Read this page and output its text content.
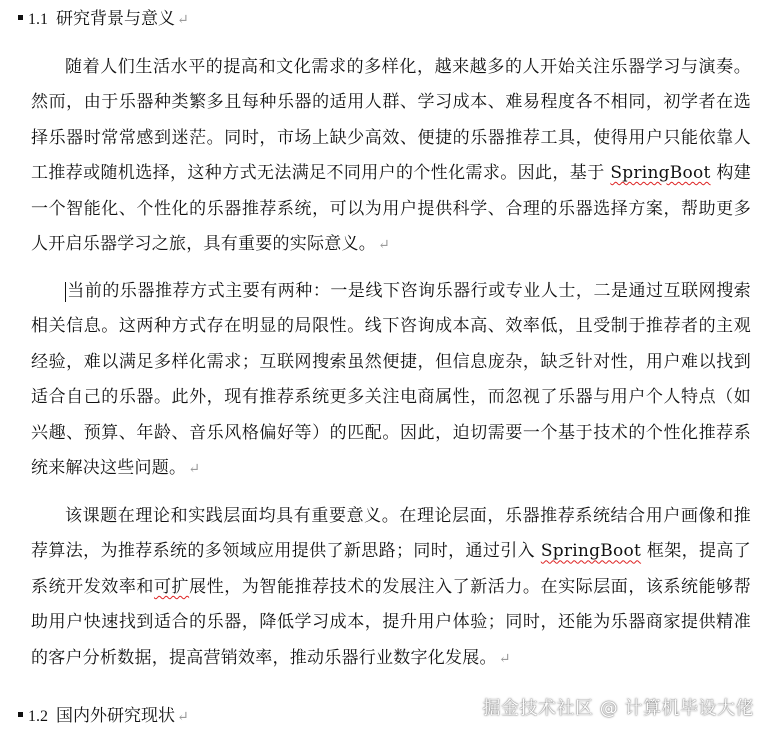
1.1 研究背景与意义 ↵
随着人们生活水平的提高和文化需求的多样化，越来越多的人开始关注乐器学习与演奏。然而，由于乐器种类繁多且每种乐器的适用人群、学习成本、难易程度各不相同，初学者在选择乐器时常常感到迷茫。同时，市场上缺少高效、便捷的乐器推荐工具，使得用户只能依靠人工推荐或随机选择，这种方式无法满足不同用户的个性化需求。因此，基于 SpringBoot 构建一个智能化、个性化的乐器推荐系统，可以为用户提供科学、合理的乐器选择方案，帮助更多人开启乐器学习之旅，具有重要的实际意义。 ↵
当前的乐器推荐方式主要有两种：一是线下咨询乐器行或专业人士，二是通过互联网搜索相关信息。这两种方式存在明显的局限性。线下咨询成本高、效率低，且受制于推荐者的主观经验，难以满足多样化需求；互联网搜索虽然便捷，但信息庞杂，缺乏针对性，用户难以找到适合自己的乐器。此外，现有推荐系统更多关注电商属性，而忽视了乐器与用户个人特点（如兴趣、预算、年龄、音乐风格偏好等）的匹配。因此，迫切需要一个基于技术的个性化推荐系统来解决这些问题。 ↵
该课题在理论和实践层面均具有重要意义。在理论层面，乐器推荐系统结合用户画像和推荐算法，为推荐系统的多领域应用提供了新思路；同时，通过引入 SpringBoot 框架，提高了系统开发效率和可扩展性，为智能推荐技术的发展注入了新活力。在实际层面，该系统能够帮助用户快速找到适合的乐器，降低学习成本，提升用户体验；同时，还能为乐器商家提供精准的客户分析数据，提高营销效率，推动乐器行业数字化发展。 ↵
1.2 国内外研究现状 ↵	掘金技术社区 @ 计算机毕设大佬
